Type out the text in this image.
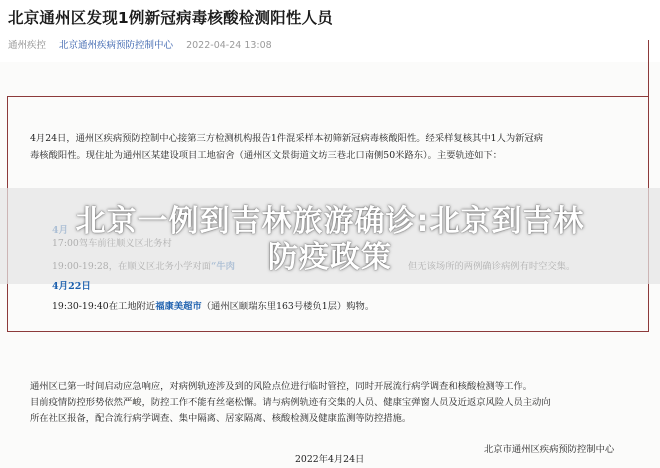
北京通州区发现1例新冠病毒核酸检测阳性人员
通州疾控 北京通州疾病预防控制中心 2022-04-24 13:08
4月24日，通州区疾病预防控制中心接第三方检测机构报告1件混采样本初筛新冠病毒核酸阳性。经采样复核其中1人为新冠病
毒核酸阳性。现住址为通州区某建设项目工地宿舍（通州区文景街道文坊三巷北口南侧50米路东）。主要轨迹如下：
北京一例到吉林旅游确诊:北京到吉林
防疫政策
4月22日
19:30-19:40在工地附近福康美超市（通州区颐瑞东里163号楼负1层）购物。
通州区已第一时间启动应急响应，对病例轨迹涉及到的风险点位进行临时管控，同时开展流行病学调查和核酸检测等工作。
目前疫情防控形势依然严峻，防控工作不能有丝毫松懈。请与病例轨迹有交集的人员、健康宝弹窗人员及近返京风险人员主动向
所在社区报备，配合流行病学调查、集中隔离、居家隔离、核酸检测及健康监测等防控措施。
北京市通州区疾病预防控制中心
2022年4月24日
